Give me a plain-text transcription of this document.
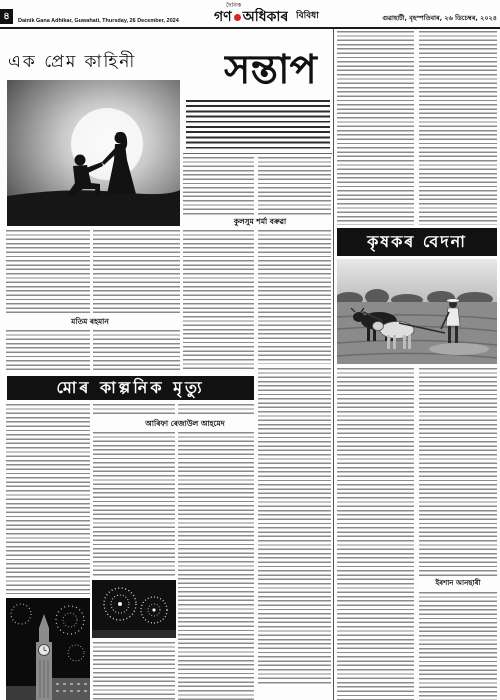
৪	Dainik Gana Adhikar, Guwahati, Thursday, 26 December, 2024
দৈনিক
গণ অধিকাৰ বিবিধা	গুৱাহাটী, বৃহস্পতিবাৰ, ২৬ ডিচেম্বৰ, ২০২৪
এক প্ৰেম কাহিনী	সন্তাপ
কুলসুম শৰ্মা বৰুৱা
মতিম ৰহমান
মোৰ কাল্পনিক মৃত্যু
আৰিফা ৰেজাউল আহমেদ
কৃষকৰ বেদনা
ইৰশান আনছাৰী
